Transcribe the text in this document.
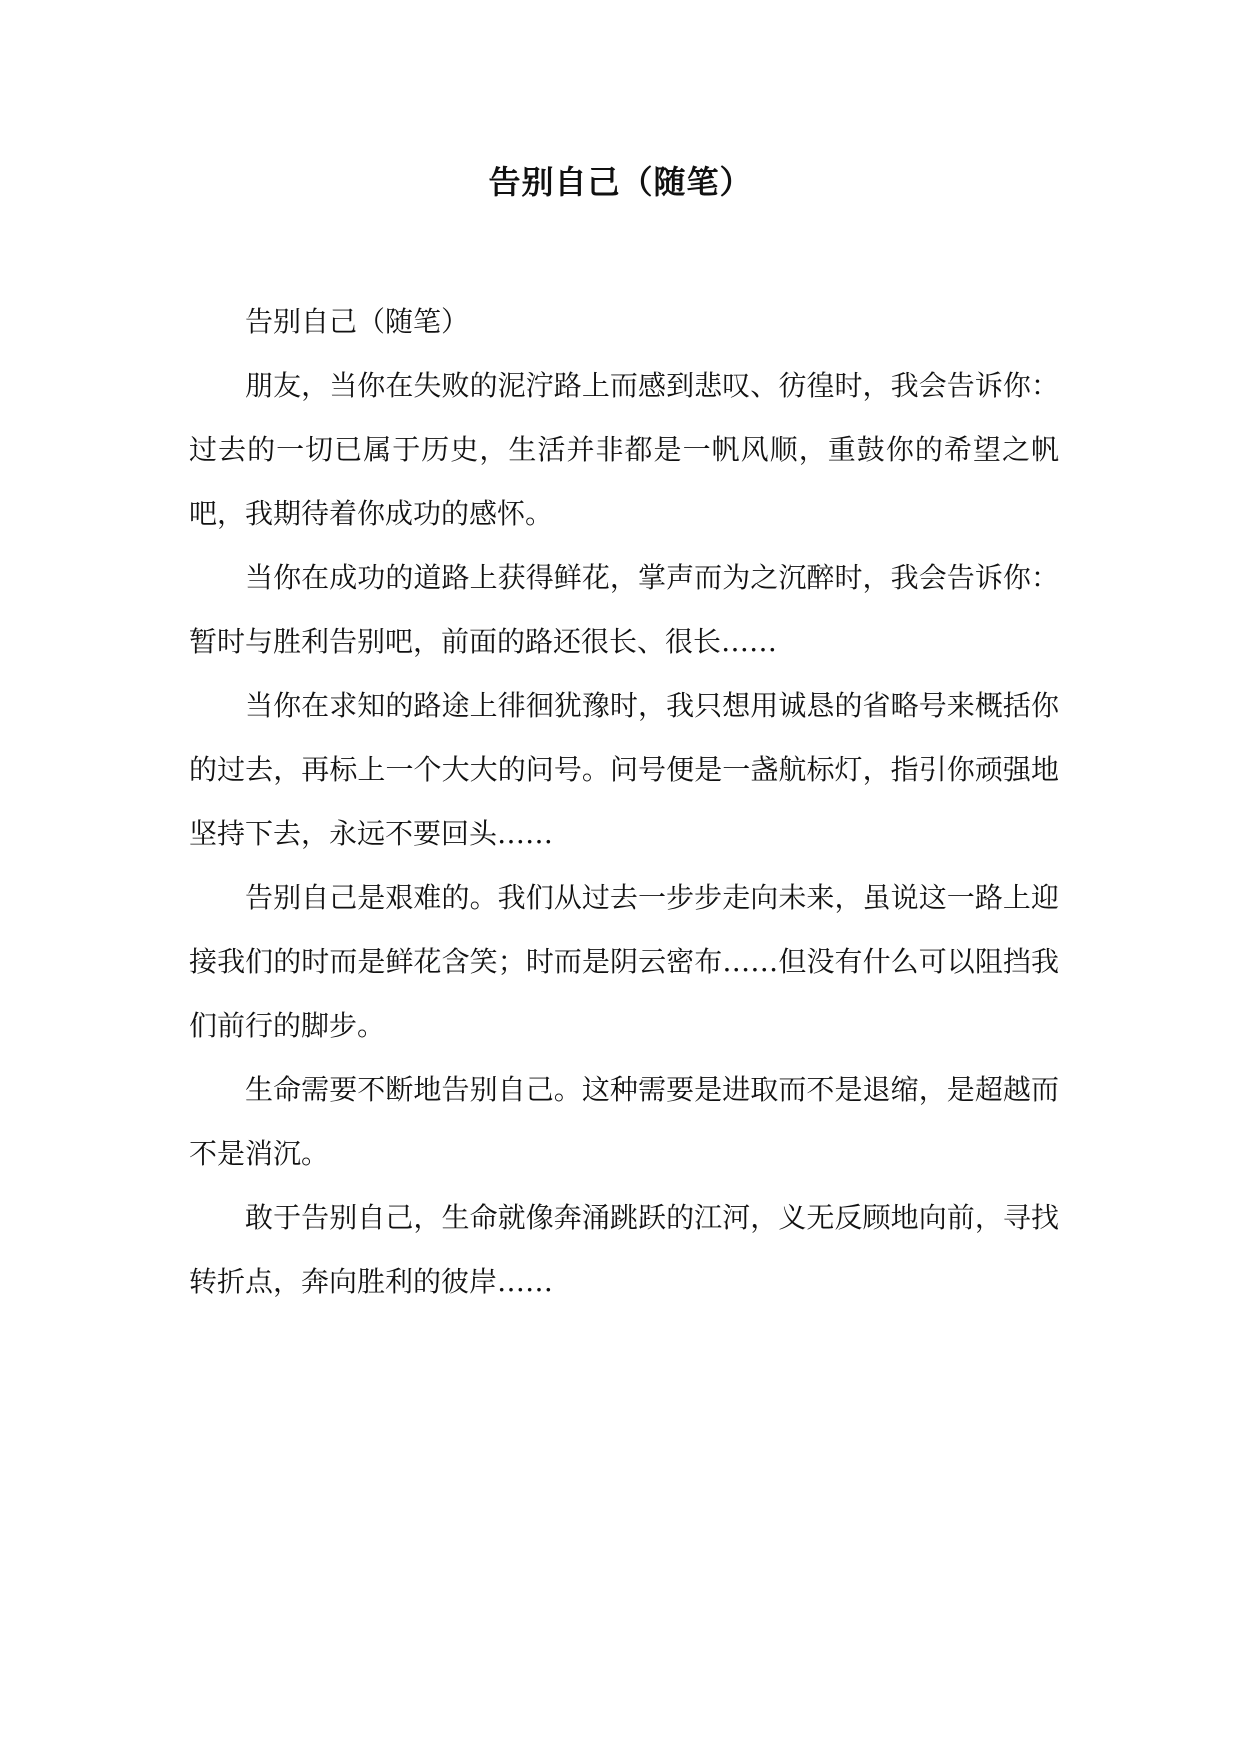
告别自己（随笔）

告别自己（随笔）

朋友，当你在失败的泥泞路上而感到悲叹、彷徨时，我会告诉你：过去的一切已属于历史，生活并非都是一帆风顺，重鼓你的希望之帆吧，我期待着你成功的感怀。

当你在成功的道路上获得鲜花，掌声而为之沉醉时，我会告诉你：暂时与胜利告别吧，前面的路还很长、很长……

当你在求知的路途上徘徊犹豫时，我只想用诚恳的省略号来概括你的过去，再标上一个大大的问号。问号便是一盏航标灯，指引你顽强地坚持下去，永远不要回头……

告别自己是艰难的。我们从过去一步步走向未来，虽说这一路上迎接我们的时而是鲜花含笑；时而是阴云密布……但没有什么可以阻挡我们前行的脚步。

生命需要不断地告别自己。这种需要是进取而不是退缩，是超越而不是消沉。

敢于告别自己，生命就像奔涌跳跃的江河，义无反顾地向前，寻找转折点，奔向胜利的彼岸……
